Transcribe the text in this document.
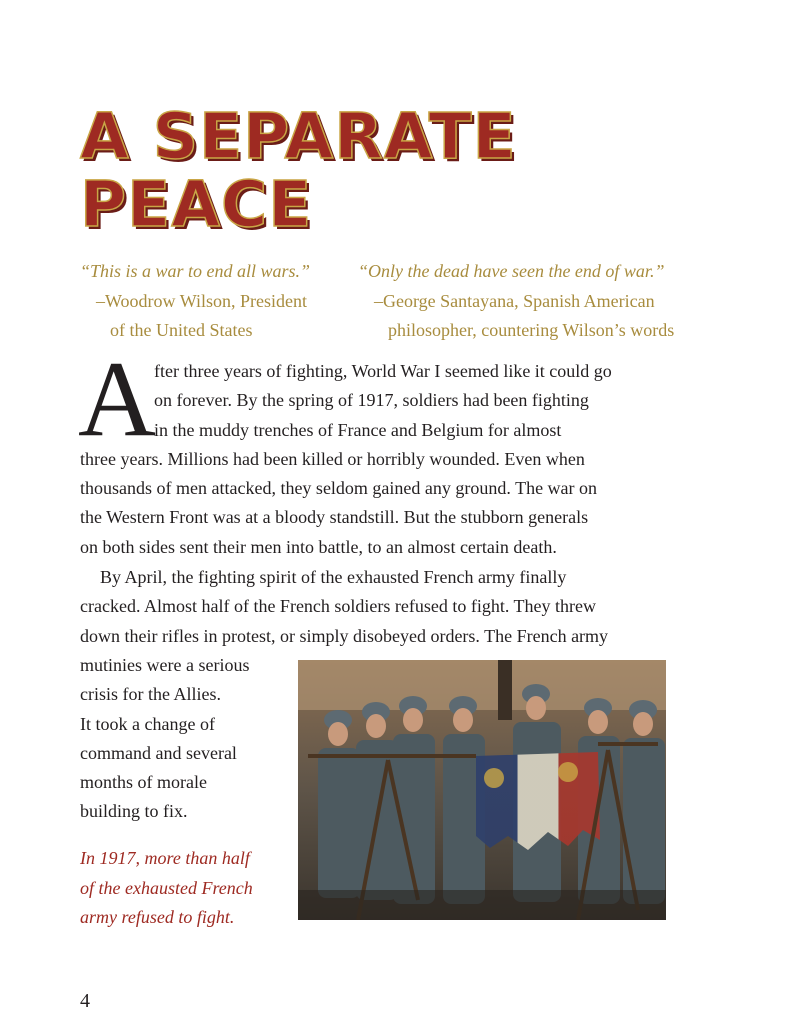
A SEPARATE
PEACE
“This is a war to end all wars.”
–Woodrow Wilson, President
of the United States
“Only the dead have seen the end of war.”
–George Santayana, Spanish American
philosopher, countering Wilson’s words
A
fter three years of fighting, World War I seemed like it could go
on forever. By the spring of 1917, soldiers had been fighting
in the muddy trenches of France and Belgium for almost
three years. Millions had been killed or horribly wounded. Even when
thousands of men attacked, they seldom gained any ground. The war on
the Western Front was at a bloody standstill. But the stubborn generals
on both sides sent their men into battle, to an almost certain death.
By April, the fighting spirit of the exhausted French army finally
cracked. Almost half of the French soldiers refused to fight. They threw
down their rifles in protest, or simply disobeyed orders. The French army
mutinies were a serious
crisis for the Allies.
It took a change of
command and several
months of morale
building to fix.
In 1917, more than half
of the exhausted French
army refused to fight.
4
